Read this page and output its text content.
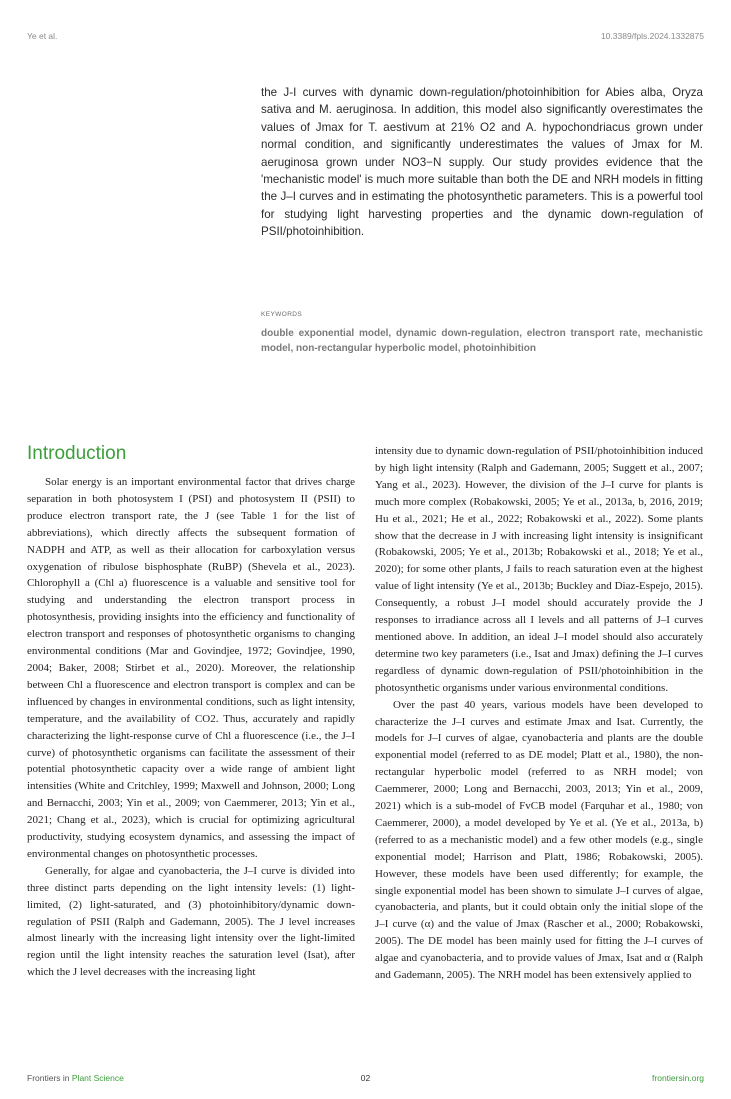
Ye et al.	10.3389/fpls.2024.1332875

the J-I curves with dynamic down-regulation/photoinhibition for Abies alba, Oryza sativa and M. aeruginosa. In addition, this model also significantly overestimates the values of Jmax for T. aestivum at 21% O2 and A. hypochondriacus grown under normal condition, and significantly underestimates the values of Jmax for M. aeruginosa grown under NO3−N supply. Our study provides evidence that the 'mechanistic model' is much more suitable than both the DE and NRH models in fitting the J–I curves and in estimating the photosynthetic parameters. This is a powerful tool for studying light harvesting properties and the dynamic down-regulation of PSII/photoinhibition.

KEYWORDS

double exponential model, dynamic down-regulation, electron transport rate, mechanistic model, non-rectangular hyperbolic model, photoinhibition

Introduction

Solar energy is an important environmental factor that drives charge separation in both photosystem I (PSI) and photosystem II (PSII) to produce electron transport rate, the J (see Table 1 for the list of abbreviations), which directly affects the subsequent formation of NADPH and ATP, as well as their allocation for carboxylation versus oxygenation of ribulose bisphosphate (RuBP) (Shevela et al., 2023). Chlorophyll a (Chl a) fluorescence is a valuable and sensitive tool for studying and understanding the electron transport process in photosynthesis, providing insights into the efficiency and functionality of electron transport and responses of photosynthetic organisms to changing environmental conditions (Mar and Govindjee, 1972; Govindjee, 1990, 2004; Baker, 2008; Stirbet et al., 2020). Moreover, the relationship between Chl a fluorescence and electron transport is complex and can be influenced by changes in environmental conditions, such as light intensity, temperature, and the availability of CO2. Thus, accurately and rapidly characterizing the light-response curve of Chl a fluorescence (i.e., the J–I curve) of photosynthetic organisms can facilitate the assessment of their potential photosynthetic capacity over a wide range of ambient light intensities (White and Critchley, 1999; Maxwell and Johnson, 2000; Long and Bernacchi, 2003; Yin et al., 2009; von Caemmerer, 2013; Yin et al., 2021; Chang et al., 2023), which is crucial for optimizing agricultural productivity, studying ecosystem dynamics, and assessing the impact of environmental changes on photosynthetic processes.

Generally, for algae and cyanobacteria, the J–I curve is divided into three distinct parts depending on the light intensity levels: (1) light-limited, (2) light-saturated, and (3) photoinhibitory/dynamic down-regulation of PSII (Ralph and Gademann, 2005). The J level increases almost linearly with the increasing light intensity over the light-limited region until the light intensity reaches the saturation level (Isat), after which the J level decreases with the increasing light

intensity due to dynamic down-regulation of PSII/photoinhibition induced by high light intensity (Ralph and Gademann, 2005; Suggett et al., 2007; Yang et al., 2023). However, the division of the J–I curve for plants is much more complex (Robakowski, 2005; Ye et al., 2013a, b, 2016, 2019; Hu et al., 2021; He et al., 2022; Robakowski et al., 2022). Some plants show that the decrease in J with increasing light intensity is insignificant (Robakowski, 2005; Ye et al., 2013b; Robakowski et al., 2018; Ye et al., 2020); for some other plants, J fails to reach saturation even at the highest value of light intensity (Ye et al., 2013b; Buckley and Diaz-Espejo, 2015). Consequently, a robust J–I model should accurately provide the J responses to irradiance across all I levels and all patterns of J–I curves mentioned above. In addition, an ideal J–I model should also accurately determine two key parameters (i.e., Isat and Jmax) defining the J–I curves regardless of dynamic down-regulation of PSII/photoinhibition in the photosynthetic organisms under various environmental conditions.

Over the past 40 years, various models have been developed to characterize the J–I curves and estimate Jmax and Isat. Currently, the models for J–I curves of algae, cyanobacteria and plants are the double exponential model (referred to as DE model; Platt et al., 1980), the non-rectangular hyperbolic model (referred to as NRH model; von Caemmerer, 2000; Long and Bernacchi, 2003, 2013; Yin et al., 2009, 2021) which is a sub-model of FvCB model (Farquhar et al., 1980; von Caemmerer, 2000), a model developed by Ye et al. (Ye et al., 2013a, b) (referred to as a mechanistic model) and a few other models (e.g., single exponential model; Harrison and Platt, 1986; Robakowski, 2005). However, these models have been used differently; for example, the single exponential model has been shown to simulate J–I curves of algae, cyanobacteria, and plants, but it could obtain only the initial slope of the J–I curve (α) and the value of Jmax (Rascher et al., 2000; Robakowski, 2005). The DE model has been mainly used for fitting the J–I curves of algae and cyanobacteria, and to provide values of Jmax, Isat and α (Ralph and Gademann, 2005). The NRH model has been extensively applied to

Frontiers in Plant Science	02	frontiersin.org
